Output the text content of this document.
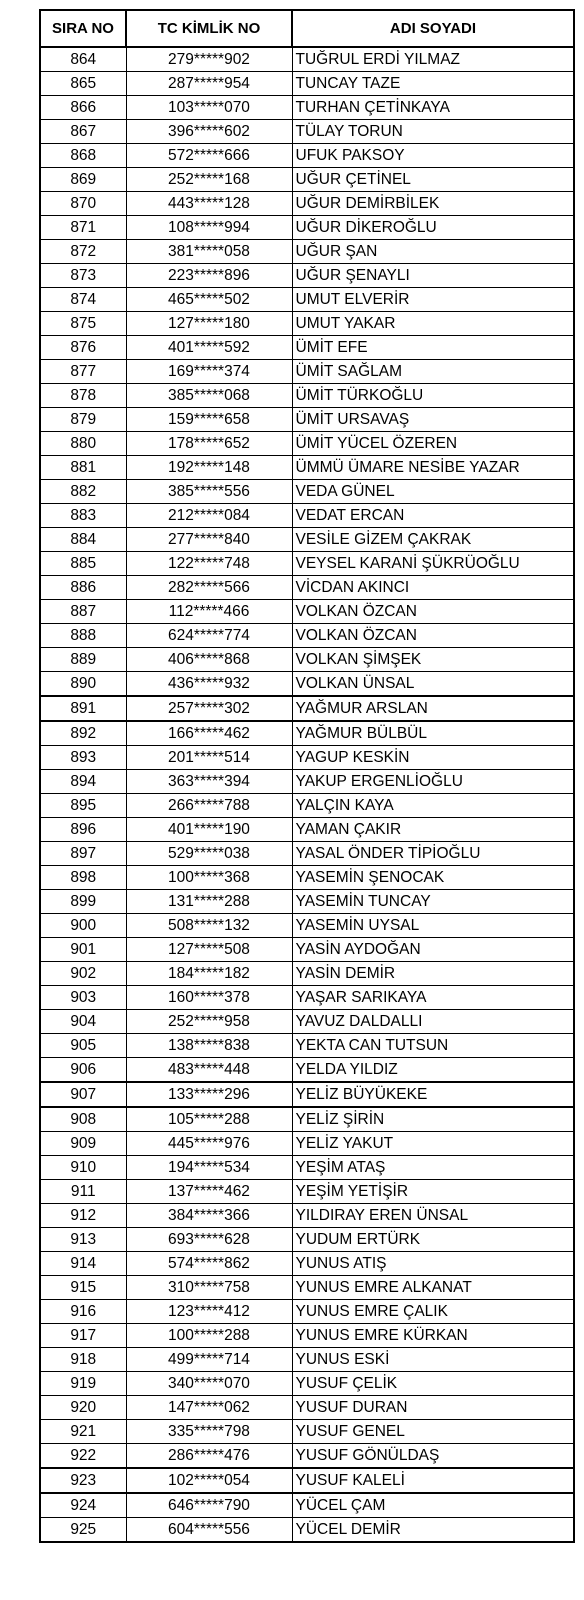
SIRA NO	TC KİMLİK NO	ADI SOYADI
864	279*****902	TUĞRUL ERDİ YILMAZ
865	287*****954	TUNCAY TAZE
866	103*****070	TURHAN ÇETİNKAYA
867	396*****602	TÜLAY TORUN
868	572*****666	UFUK PAKSOY
869	252*****168	UĞUR ÇETİNEL
870	443*****128	UĞUR DEMİRBİLEK
871	108*****994	UĞUR DİKEROĞLU
872	381*****058	UĞUR ŞAN
873	223*****896	UĞUR ŞENAYLI
874	465*****502	UMUT ELVERİR
875	127*****180	UMUT YAKAR
876	401*****592	ÜMİT EFE
877	169*****374	ÜMİT SAĞLAM
878	385*****068	ÜMİT TÜRKOĞLU
879	159*****658	ÜMİT URSAVAŞ
880	178*****652	ÜMİT YÜCEL ÖZEREN
881	192*****148	ÜMMÜ ÜMARE NESİBE YAZAR
882	385*****556	VEDA GÜNEL
883	212*****084	VEDAT ERCAN
884	277*****840	VESİLE GİZEM ÇAKRAK
885	122*****748	VEYSEL KARANİ ŞÜKRÜOĞLU
886	282*****566	VİCDAN AKINCI
887	112*****466	VOLKAN ÖZCAN
888	624*****774	VOLKAN ÖZCAN
889	406*****868	VOLKAN ŞİMŞEK
890	436*****932	VOLKAN ÜNSAL
891	257*****302	YAĞMUR ARSLAN
892	166*****462	YAĞMUR BÜLBÜL
893	201*****514	YAGUP KESKİN
894	363*****394	YAKUP ERGENLİOĞLU
895	266*****788	YALÇIN KAYA
896	401*****190	YAMAN ÇAKIR
897	529*****038	YASAL ÖNDER TİPİOĞLU
898	100*****368	YASEMİN ŞENOCAK
899	131*****288	YASEMİN TUNCAY
900	508*****132	YASEMİN UYSAL
901	127*****508	YASİN AYDOĞAN
902	184*****182	YASİN DEMİR
903	160*****378	YAŞAR SARIKAYA
904	252*****958	YAVUZ DALDALLI
905	138*****838	YEKTA CAN TUTSUN
906	483*****448	YELDA YILDIZ
907	133*****296	YELİZ BÜYÜKEKE
908	105*****288	YELİZ ŞİRİN
909	445*****976	YELİZ YAKUT
910	194*****534	YEŞİM ATAŞ
911	137*****462	YEŞİM YETİŞİR
912	384*****366	YILDIRAY EREN ÜNSAL
913	693*****628	YUDUM ERTÜRK
914	574*****862	YUNUS ATIŞ
915	310*****758	YUNUS EMRE ALKANAT
916	123*****412	YUNUS EMRE ÇALIK
917	100*****288	YUNUS EMRE KÜRKAN
918	499*****714	YUNUS ESKİ
919	340*****070	YUSUF ÇELİK
920	147*****062	YUSUF DURAN
921	335*****798	YUSUF GENEL
922	286*****476	YUSUF GÖNÜLDAŞ
923	102*****054	YUSUF KALELİ
924	646*****790	YÜCEL ÇAM
925	604*****556	YÜCEL DEMİR
